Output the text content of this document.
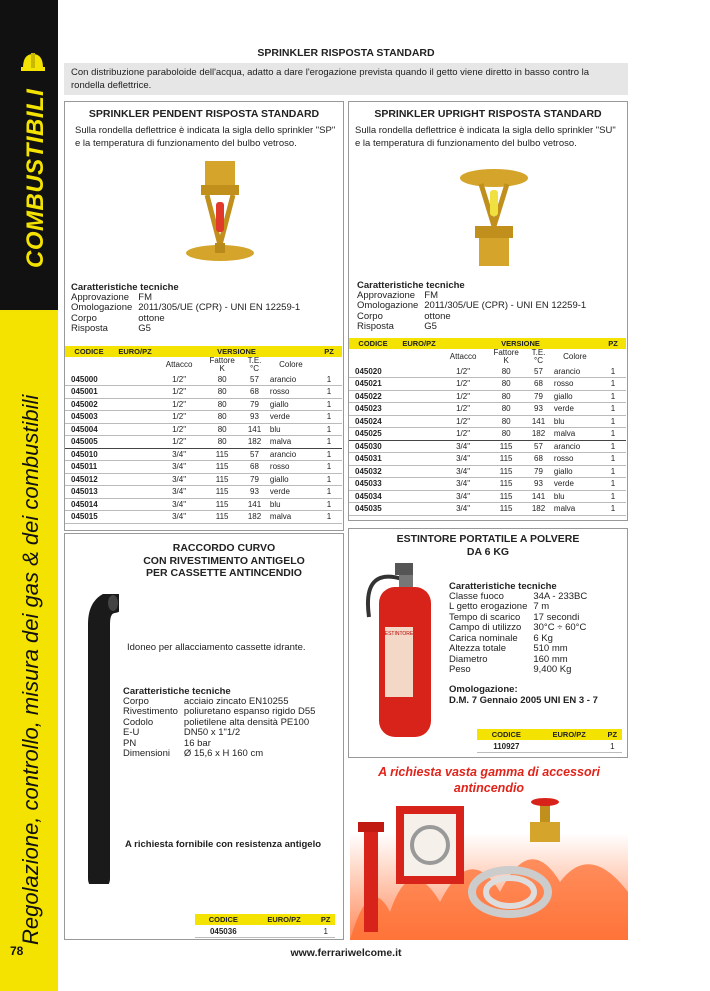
COMBUSTIBILI
Regolazione, controllo, misura dei gas & dei combustibili
78
SPRINKLER RISPOSTA STANDARD
Con distribuzione paraboloide dell'acqua, adatto a dare l'erogazione prevista quando il getto viene diretto in basso contro la rondella deflettrice.
SPRINKLER PENDENT RISPOSTA STANDARD
Sulla rondella deflettrice è indicata la sigla dello sprinkler "SP" e la temperatura di funzionamento del bulbo vetroso.
Caratteristiche tecniche
Approvazione	FM
Omologazione	2011/305/UE (CPR) - UNI EN 12259-1
Corpo	ottone
Risposta	G5
CODICE	EURO/PZ	VERSIONE				PZ
		Attacco	Fattore
K	T.E.
°C	Colore	
045000		1/2"	80	57	arancio	1
045001		1/2"	80	68	rosso	1
045002		1/2"	80	79	giallo	1
045003		1/2"	80	93	verde	1
045004		1/2"	80	141	blu	1
045005		1/2"	80	182	malva	1
045010		3/4"	115	57	arancio	1
045011		3/4"	115	68	rosso	1
045012		3/4"	115	79	giallo	1
045013		3/4"	115	93	verde	1
045014		3/4"	115	141	blu	1
045015		3/4"	115	182	malva	1
SPRINKLER UPRIGHT RISPOSTA STANDARD
Sulla rondella deflettrice è indicata la sigla dello sprinkler "SU" e la temperatura di funzionamento del bulbo vetroso.
Caratteristiche tecniche
Approvazione	FM
Omologazione	2011/305/UE (CPR) - UNI EN 12259-1
Corpo	ottone
Risposta	G5
CODICE	EURO/PZ	VERSIONE				PZ
		Attacco	Fattore
K	T.E.
°C	Colore	
045020		1/2"	80	57	arancio	1
045021		1/2"	80	68	rosso	1
045022		1/2"	80	79	giallo	1
045023		1/2"	80	93	verde	1
045024		1/2"	80	141	blu	1
045025		1/2"	80	182	malva	1
045030		3/4"	115	57	arancio	1
045031		3/4"	115	68	rosso	1
045032		3/4"	115	79	giallo	1
045033		3/4"	115	93	verde	1
045034		3/4"	115	141	blu	1
045035		3/4"	115	182	malva	1
RACCORDO CURVO
CON RIVESTIMENTO ANTIGELO
PER CASSETTE ANTINCENDIO
Idoneo per allacciamento cassette idrante.
Caratteristiche tecniche
Corpo	acciaio zincato EN10255
Rivestimento	poliuretano espanso rigido D55
Codolo	polietilene alta densità PE100
E-U	DN50 x 1"1/2
PN	16 bar
Dimensioni	Ø 15,6 x H 160 cm
A richiesta fornibile con resistenza antigelo
CODICE	EURO/PZ	PZ
045036		1
ESTINTORE PORTATILE A POLVERE
DA 6 KG
ESTINTORE
Caratteristiche tecniche
Classe fuoco	34A - 233BC
L getto erogazione	7 m
Tempo di scarico	17 secondi
Campo di utilizzo	30°C ÷ 60°C
Carica nominale	6 Kg
Altezza totale	510 mm
Diametro	160 mm
Peso	9,400 Kg
Omologazione:
D.M. 7 Gennaio 2005 UNI EN 3 - 7
CODICE	EURO/PZ	PZ
110927		1
A richiesta vasta gamma di accessori
antincendio
www.ferrariwelcome.it
